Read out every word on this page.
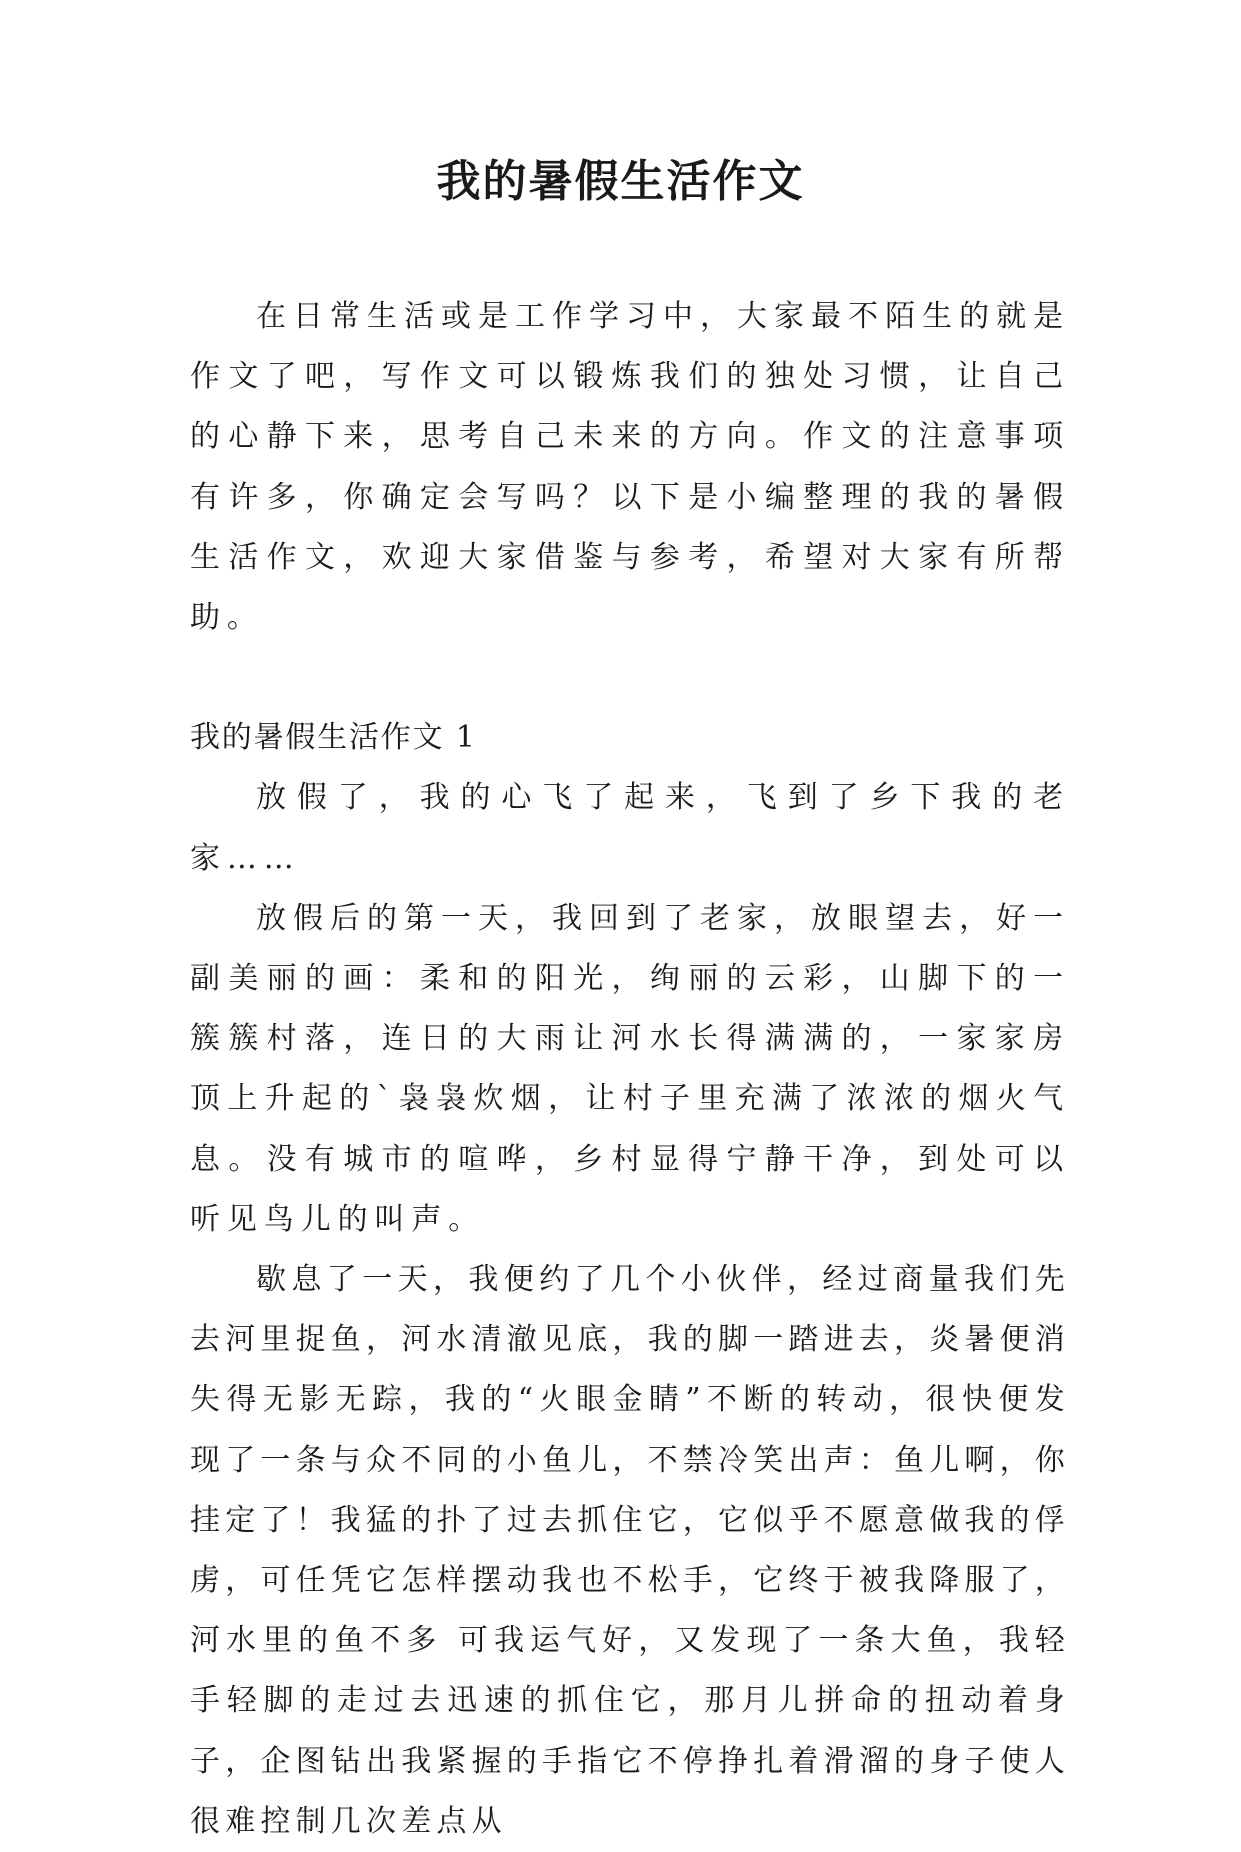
我的暑假生活作文

在日常生活或是工作学习中，大家最不陌生的就是作文了吧，写作文可以锻炼我们的独处习惯，让自己的心静下来，思考自己未来的方向。作文的注意事项有许多，你确定会写吗？以下是小编整理的我的暑假生活作文，欢迎大家借鉴与参考，希望对大家有所帮助。

我的暑假生活作文 1

放假了，我的心飞了起来，飞到了乡下我的老家……

放假后的第一天，我回到了老家，放眼望去，好一副美丽的画：柔和的阳光，绚丽的云彩，山脚下的一簇簇村落，连日的大雨让河水长得满满的，一家家房顶上升起的`袅袅炊烟，让村子里充满了浓浓的烟火气息。没有城市的喧哗，乡村显得宁静干净，到处可以听见鸟儿的叫声。

歇息了一天，我便约了几个小伙伴，经过商量我们先去河里捉鱼，河水清澈见底，我的脚一踏进去，炎暑便消失得无影无踪，我的“火眼金睛”不断的转动，很快便发现了一条与众不同的小鱼儿，不禁冷笑出声：鱼儿啊，你挂定了！我猛的扑了过去抓住它，它似乎不愿意做我的俘虏，可任凭它怎样摆动我也不松手，它终于被我降服了，河水里的鱼不多 可我运气好，又发现了一条大鱼，我轻手轻脚的走过去迅速的抓住它，那月儿拼命的扭动着身子，企图钻出我紧握的手指它不停挣扎着滑溜的身子使人很难控制几次差点从
